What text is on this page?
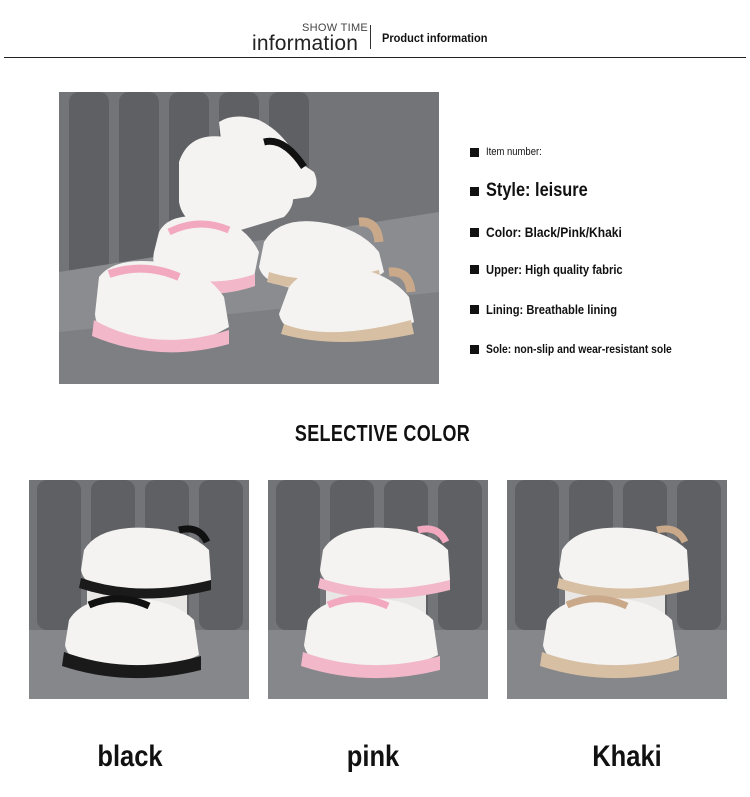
SHOW TIME
information Product information
Item number:
Style: leisure
Color: Black/Pink/Khaki
Upper: High quality fabric
Lining: Breathable lining
Sole: non-slip and wear-resistant sole
SELECTIVE COLOR
black	pink	Khaki
